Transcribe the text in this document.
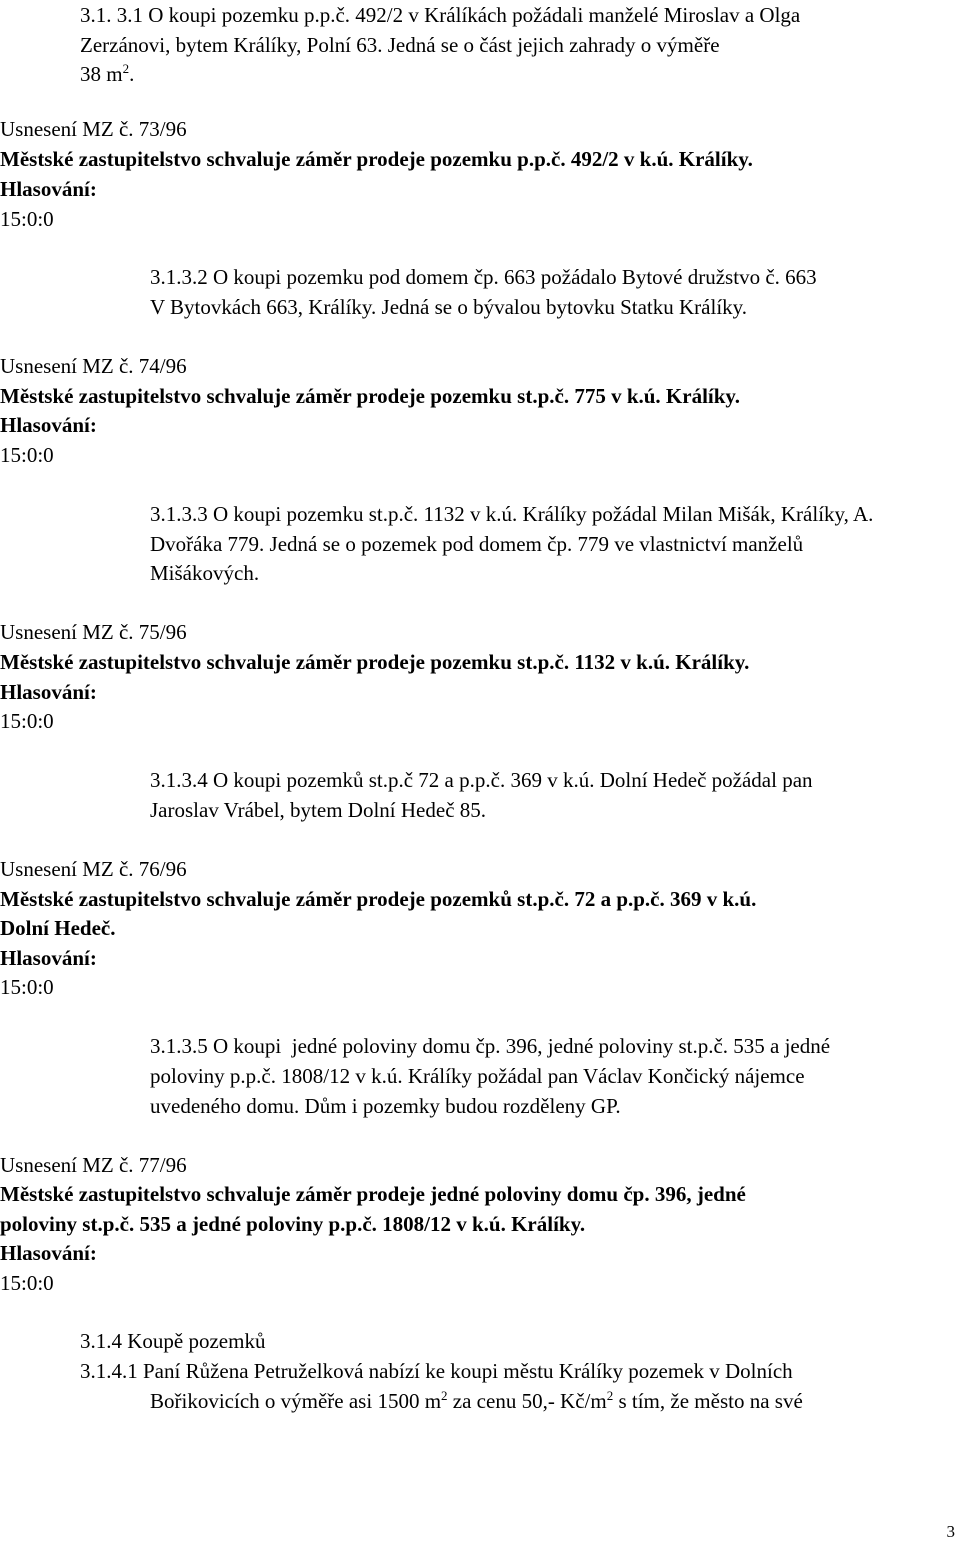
3.1. 3.1 O koupi pozemku p.p.č. 492/2 v Králíkách požádali manželé Miroslav a Olga
Zerzánovi, bytem Králíky, Polní 63. Jedná se o část jejich zahrady o výměře
38 $m^2$.
Usnesení MZ č. 73/96
Městské zastupitelstvo schvaluje záměr prodeje pozemku p.p.č. 492/2 v k.ú. Králíky.
Hlasování:
15:0:0
3.1.3.2 O koupi pozemku pod domem čp. 663 požádalo Bytové družstvo č. 663
V Bytovkách 663, Králíky. Jedná se o bývalou bytovku Statku Králíky.
Usnesení MZ č. 74/96
Městské zastupitelstvo schvaluje záměr prodeje pozemku st.p.č. 775 v k.ú. Králíky.
Hlasování:
15:0:0
3.1.3.3 O koupi pozemku st.p.č. 1132 v k.ú. Králíky požádal Milan Mišák, Králíky, A.
Dvořáka 779. Jedná se o pozemek pod domem čp. 779 ve vlastnictví manželů
Mišákových.
Usnesení MZ č. 75/96
Městské zastupitelstvo schvaluje záměr prodeje pozemku st.p.č. 1132 v k.ú. Králíky.
Hlasování:
15:0:0
3.1.3.4 O koupi pozemků st.p.č 72 a p.p.č. 369 v k.ú. Dolní Hedeč požádal pan
Jaroslav Vrábel, bytem Dolní Hedeč 85.
Usnesení MZ č. 76/96
Městské zastupitelstvo schvaluje záměr prodeje pozemků st.p.č. 72 a p.p.č. 369 v k.ú.
Dolní Hedeč.
Hlasování:
15:0:0
3.1.3.5 O koupi  jedné poloviny domu čp. 396, jedné poloviny st.p.č. 535 a jedné
poloviny p.p.č. 1808/12 v k.ú. Králíky požádal pan Václav Končický nájemce
uvedeného domu. Dům i pozemky budou rozděleny GP.
Usnesení MZ č. 77/96
Městské zastupitelstvo schvaluje záměr prodeje jedné poloviny domu čp. 396, jedné
poloviny st.p.č. 535 a jedné poloviny p.p.č. 1808/12 v k.ú. Králíky.
Hlasování:
15:0:0
3.1.4 Koupě pozemků
3.1.4.1 Paní Růžena Petruželková nabízí ke koupi městu Králíky pozemek v Dolních
Bořikovicích o výměře asi 1500 $m^2$ za cenu 50,- $Kč/m^2$ s tím, že město na své
3
